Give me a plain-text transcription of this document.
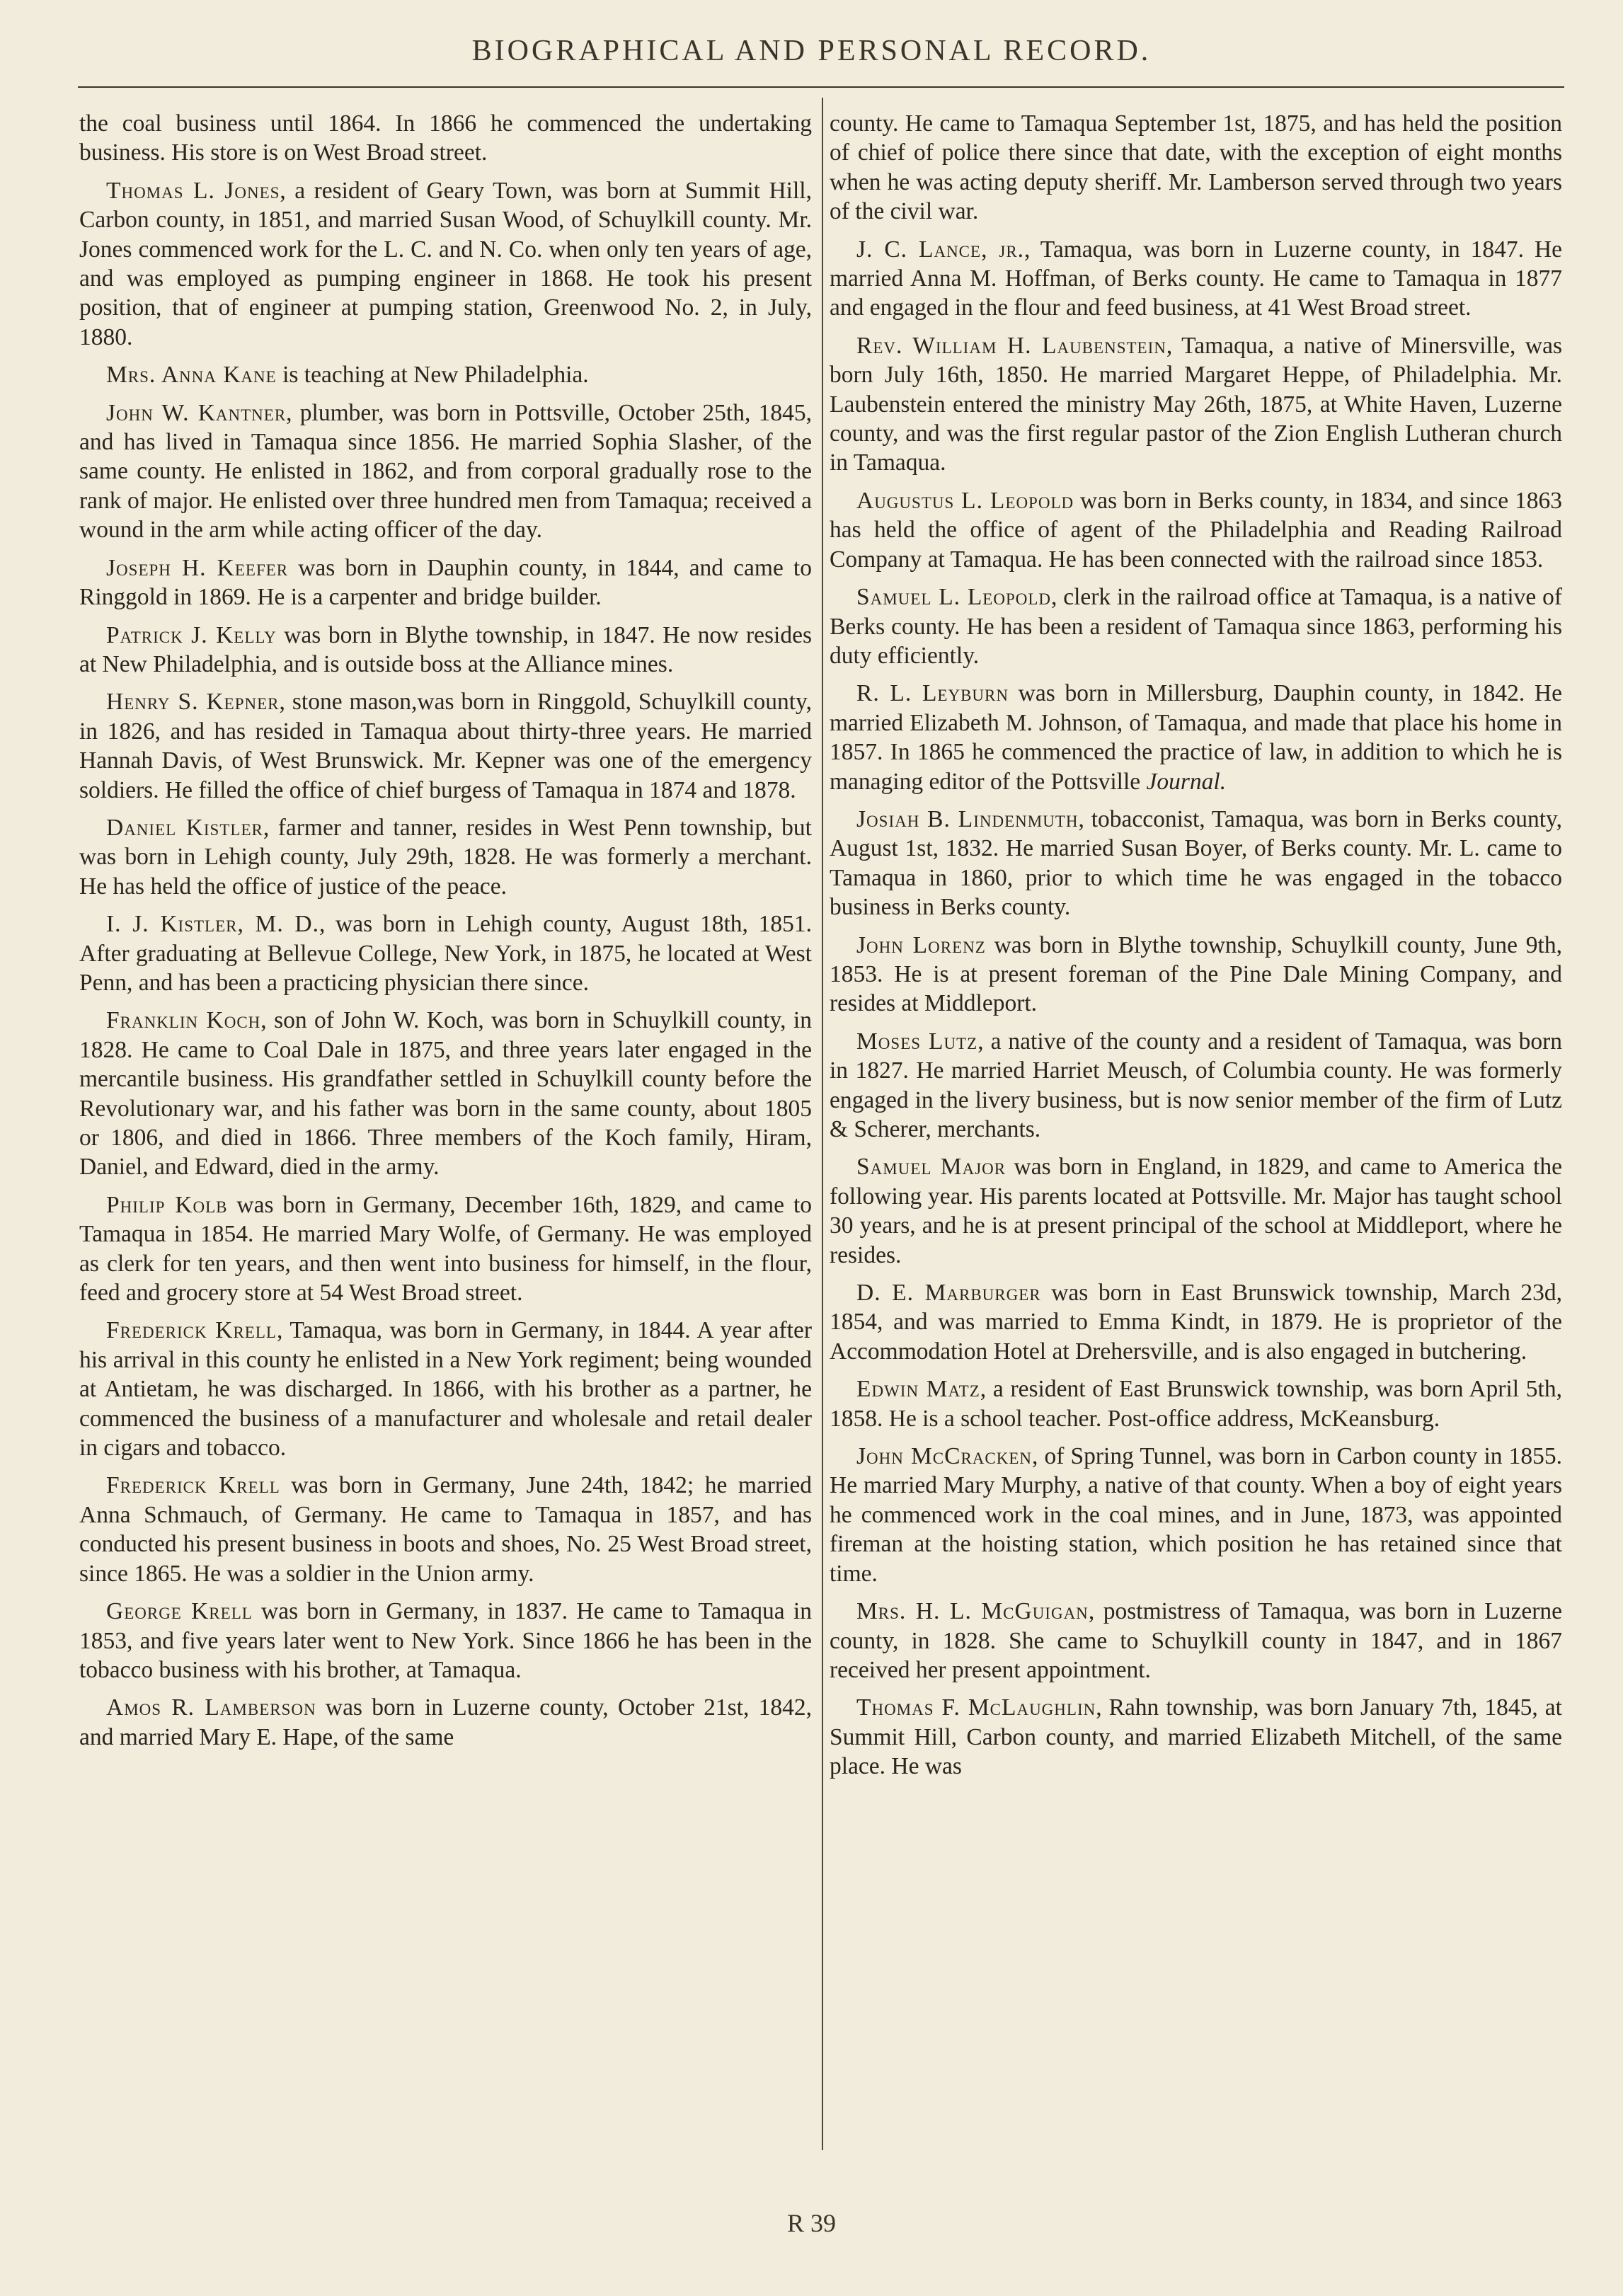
BIOGRAPHICAL AND PERSONAL RECORD.

the coal business until 1864. In 1866 he commenced the undertaking business. His store is on West Broad street.

Thomas L. Jones, a resident of Geary Town, was born at Summit Hill, Carbon county, in 1851, and married Susan Wood, of Schuylkill county. Mr. Jones commenced work for the L. C. and N. Co. when only ten years of age, and was employed as pumping engineer in 1868. He took his present position, that of engineer at pumping station, Greenwood No. 2, in July, 1880.

Mrs. Anna Kane is teaching at New Philadelphia.

John W. Kantner, plumber, was born in Pottsville, October 25th, 1845, and has lived in Tamaqua since 1856. He married Sophia Slasher, of the same county. He enlisted in 1862, and from corporal gradually rose to the rank of major. He enlisted over three hundred men from Tamaqua; received a wound in the arm while acting officer of the day.

Joseph H. Keefer was born in Dauphin county, in 1844, and came to Ringgold in 1869. He is a carpenter and bridge builder.

Patrick J. Kelly was born in Blythe township, in 1847. He now resides at New Philadelphia, and is outside boss at the Alliance mines.

Henry S. Kepner, stone mason,was born in Ringgold, Schuylkill county, in 1826, and has resided in Tamaqua about thirty-three years. He married Hannah Davis, of West Brunswick. Mr. Kepner was one of the emergency soldiers. He filled the office of chief burgess of Tamaqua in 1874 and 1878.

Daniel Kistler, farmer and tanner, resides in West Penn township, but was born in Lehigh county, July 29th, 1828. He was formerly a merchant. He has held the office of justice of the peace.

I. J. Kistler, M. D., was born in Lehigh county, August 18th, 1851. After graduating at Bellevue College, New York, in 1875, he located at West Penn, and has been a practicing physician there since.

Franklin Koch, son of John W. Koch, was born in Schuylkill county, in 1828. He came to Coal Dale in 1875, and three years later engaged in the mercantile business. His grandfather settled in Schuylkill county before the Revolutionary war, and his father was born in the same county, about 1805 or 1806, and died in 1866. Three members of the Koch family, Hiram, Daniel, and Edward, died in the army.

Philip Kolb was born in Germany, December 16th, 1829, and came to Tamaqua in 1854. He married Mary Wolfe, of Germany. He was employed as clerk for ten years, and then went into business for himself, in the flour, feed and grocery store at 54 West Broad street.

Frederick Krell, Tamaqua, was born in Germany, in 1844. A year after his arrival in this county he enlisted in a New York regiment; being wounded at Antietam, he was discharged. In 1866, with his brother as a partner, he commenced the business of a manufacturer and wholesale and retail dealer in cigars and tobacco.

Frederick Krell was born in Germany, June 24th, 1842; he married Anna Schmauch, of Germany. He came to Tamaqua in 1857, and has conducted his present business in boots and shoes, No. 25 West Broad street, since 1865. He was a soldier in the Union army.

George Krell was born in Germany, in 1837. He came to Tamaqua in 1853, and five years later went to New York. Since 1866 he has been in the tobacco business with his brother, at Tamaqua.

Amos R. Lamberson was born in Luzerne county, October 21st, 1842, and married Mary E. Hape, of the same

county. He came to Tamaqua September 1st, 1875, and has held the position of chief of police there since that date, with the exception of eight months when he was acting deputy sheriff. Mr. Lamberson served through two years of the civil war.

J. C. Lance, jr., Tamaqua, was born in Luzerne county, in 1847. He married Anna M. Hoffman, of Berks county. He came to Tamaqua in 1877 and engaged in the flour and feed business, at 41 West Broad street.

Rev. William H. Laubenstein, Tamaqua, a native of Minersville, was born July 16th, 1850. He married Margaret Heppe, of Philadelphia. Mr. Laubenstein entered the ministry May 26th, 1875, at White Haven, Luzerne county, and was the first regular pastor of the Zion English Lutheran church in Tamaqua.

Augustus L. Leopold was born in Berks county, in 1834, and since 1863 has held the office of agent of the Philadelphia and Reading Railroad Company at Tamaqua. He has been connected with the railroad since 1853.

Samuel L. Leopold, clerk in the railroad office at Tamaqua, is a native of Berks county. He has been a resident of Tamaqua since 1863, performing his duty efficiently.

R. L. Leyburn was born in Millersburg, Dauphin county, in 1842. He married Elizabeth M. Johnson, of Tamaqua, and made that place his home in 1857. In 1865 he commenced the practice of law, in addition to which he is managing editor of the Pottsville Journal.

Josiah B. Lindenmuth, tobacconist, Tamaqua, was born in Berks county, August 1st, 1832. He married Susan Boyer, of Berks county. Mr. L. came to Tamaqua in 1860, prior to which time he was engaged in the tobacco business in Berks county.

John Lorenz was born in Blythe township, Schuylkill county, June 9th, 1853. He is at present foreman of the Pine Dale Mining Company, and resides at Middleport.

Moses Lutz, a native of the county and a resident of Tamaqua, was born in 1827. He married Harriet Meusch, of Columbia county. He was formerly engaged in the livery business, but is now senior member of the firm of Lutz & Scherer, merchants.

Samuel Major was born in England, in 1829, and came to America the following year. His parents located at Pottsville. Mr. Major has taught school 30 years, and he is at present principal of the school at Middleport, where he resides.

D. E. Marburger was born in East Brunswick township, March 23d, 1854, and was married to Emma Kindt, in 1879. He is proprietor of the Accommodation Hotel at Drehersville, and is also engaged in butchering.

Edwin Matz, a resident of East Brunswick township, was born April 5th, 1858. He is a school teacher. Post-office address, McKeansburg.

John McCracken, of Spring Tunnel, was born in Carbon county in 1855. He married Mary Murphy, a native of that county. When a boy of eight years he commenced work in the coal mines, and in June, 1873, was appointed fireman at the hoisting station, which position he has retained since that time.

Mrs. H. L. McGuigan, postmistress of Tamaqua, was born in Luzerne county, in 1828. She came to Schuylkill county in 1847, and in 1867 received her present appointment.

Thomas F. McLaughlin, Rahn township, was born January 7th, 1845, at Summit Hill, Carbon county, and married Elizabeth Mitchell, of the same place. He was

R 39
